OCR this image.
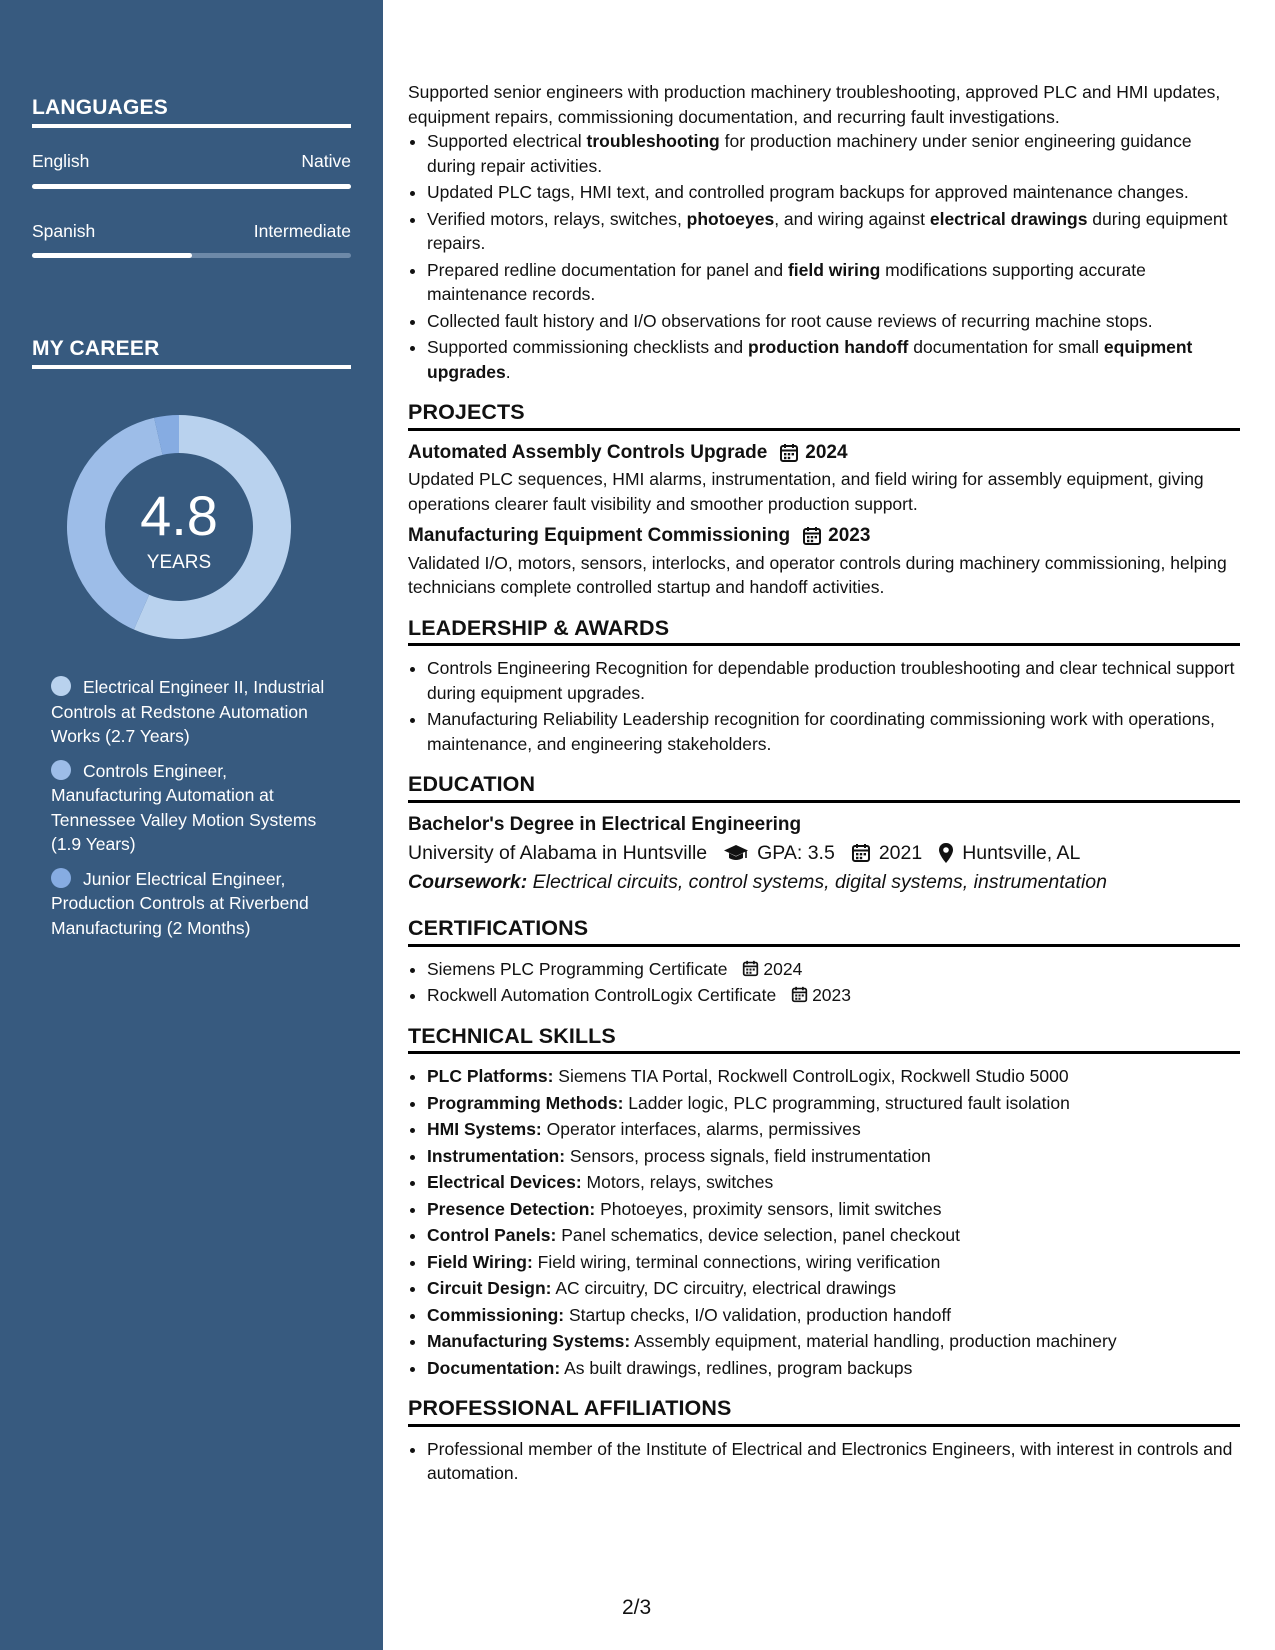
LANGUAGES
English	Native
Spanish	Intermediate
MY CAREER
4.8
YEARS
Electrical Engineer II, Industrial Controls at Redstone Automation Works (2.7 Years)
Controls Engineer, Manufacturing Automation at Tennessee Valley Motion Systems (1.9 Years)
Junior Electrical Engineer, Production Controls at Riverbend Manufacturing (2 Months)

Supported senior engineers with production machinery troubleshooting, approved PLC and HMI updates, equipment repairs, commissioning documentation, and recurring fault investigations.

• Supported electrical troubleshooting for production machinery under senior engineering guidance during repair activities.
• Updated PLC tags, HMI text, and controlled program backups for approved maintenance changes.
• Verified motors, relays, switches, photoeyes, and wiring against electrical drawings during equipment repairs.
• Prepared redline documentation for panel and field wiring modifications supporting accurate maintenance records.
• Collected fault history and I/O observations for root cause reviews of recurring machine stops.
• Supported commissioning checklists and production handoff documentation for small equipment upgrades.
PROJECTS
Automated Assembly Controls Upgrade 2024

Updated PLC sequences, HMI alarms, instrumentation, and field wiring for assembly equipment, giving operations clearer fault visibility and smoother production support.

Manufacturing Equipment Commissioning 2023

Validated I/O, motors, sensors, interlocks, and operator controls during machinery commissioning, helping technicians complete controlled startup and handoff activities.

LEADERSHIP & AWARDS
• Controls Engineering Recognition for dependable production troubleshooting and clear technical support during equipment upgrades.
• Manufacturing Reliability Leadership recognition for coordinating commissioning work with operations, maintenance, and engineering stakeholders.
EDUCATION
Bachelor's Degree in Electrical Engineering
University of Alabama in Huntsville	GPA: 3.5 2021 Huntsville, AL
Coursework: Electrical circuits, control systems, digital systems, instrumentation
CERTIFICATIONS
• Siemens PLC Programming Certificate 2024
• Rockwell Automation ControlLogix Certificate 2023
TECHNICAL SKILLS
• PLC Platforms: Siemens TIA Portal, Rockwell ControlLogix, Rockwell Studio 5000
• Programming Methods: Ladder logic, PLC programming, structured fault isolation
• HMI Systems: Operator interfaces, alarms, permissives
• Instrumentation: Sensors, process signals, field instrumentation
• Electrical Devices: Motors, relays, switches
• Presence Detection: Photoeyes, proximity sensors, limit switches
• Control Panels: Panel schematics, device selection, panel checkout
• Field Wiring: Field wiring, terminal connections, wiring verification
• Circuit Design: AC circuitry, DC circuitry, electrical drawings
• Commissioning: Startup checks, I/O validation, production handoff
• Manufacturing Systems: Assembly equipment, material handling, production machinery
• Documentation: As built drawings, redlines, program backups
PROFESSIONAL AFFILIATIONS
• Professional member of the Institute of Electrical and Electronics Engineers, with interest in controls and automation.
2/3
